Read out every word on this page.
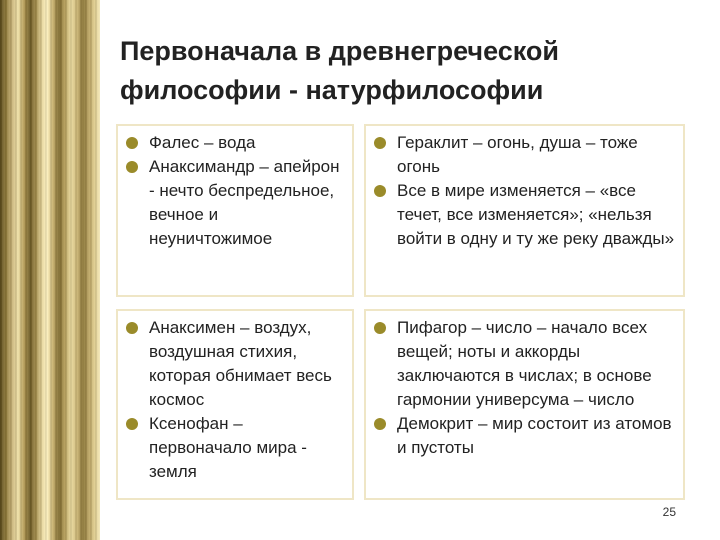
Первоначала в древнегреческой
философии - натурфилософии
Фалес – вода
Анаксимандр – апейрон - нечто беспредельное, вечное и неуничтожимое
Гераклит – огонь, душа – тоже огонь
Все в мире изменяется – «все течет, все изменяется»; «нельзя войти в одну и ту же реку дважды»
Анаксимен – воздух, воздушная стихия, которая обнимает весь космос
Ксенофан – первоначало мира - земля
Пифагор – число – начало всех вещей; ноты и аккорды заключаются в числах; в основе гармонии универсума – число
Демокрит – мир состоит из атомов и пустоты
25
